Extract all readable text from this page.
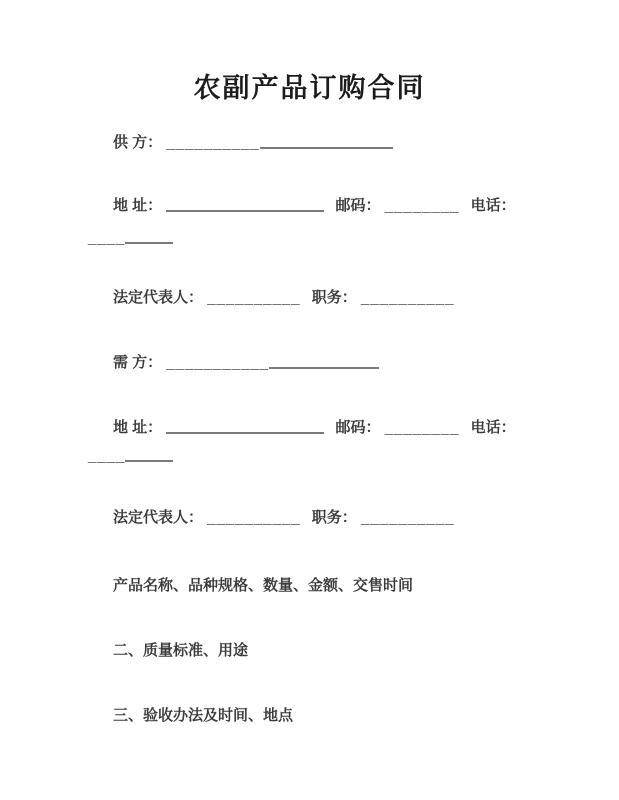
农副产品订购合同
供 方： __________
地 址：	邮码： ________ 电话：
____
法定代表人： __________ 职务： __________
需 方： ___________
地 址：	邮码： ________ 电话：
____
法定代表人： __________ 职务： __________
产品名称、品种规格、数量、金额、交售时间
二、质量标准、用途
三、验收办法及时间、地点
